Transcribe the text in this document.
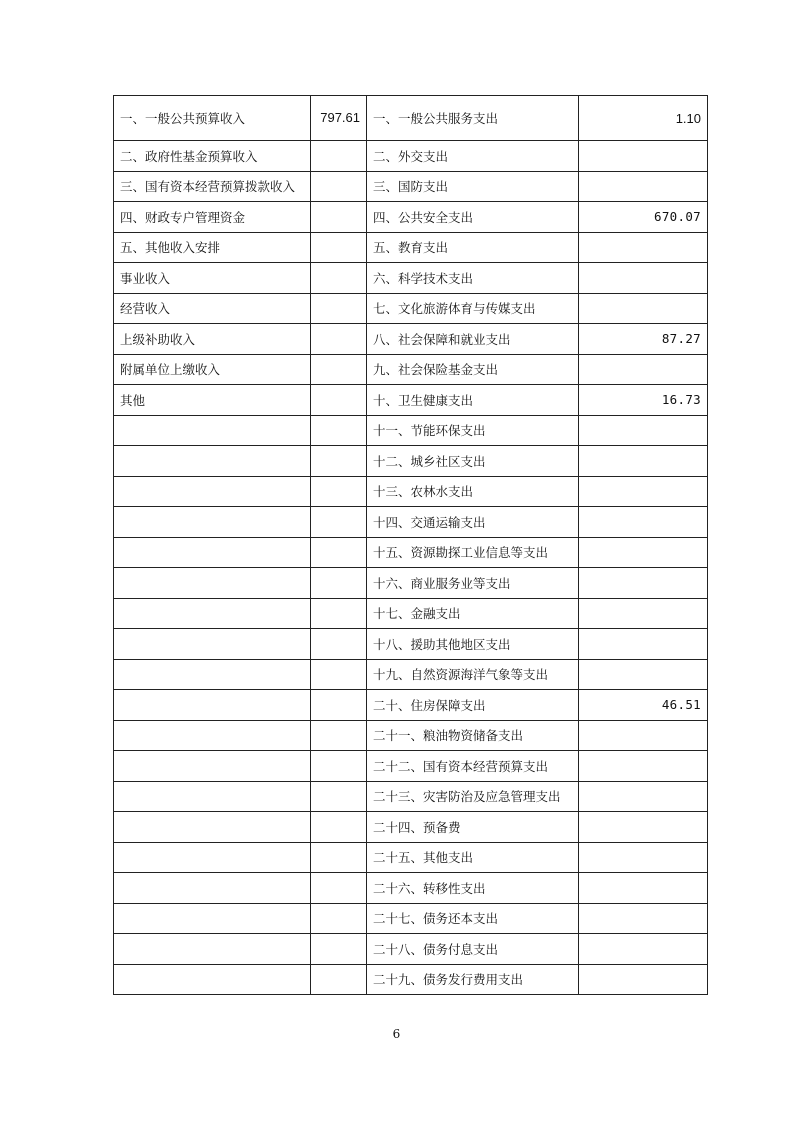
一、一般公共预算收入	797.61	一、一般公共服务支出	1.10
二、政府性基金预算收入		二、外交支出	
三、国有资本经营预算拨款收入		三、国防支出	
四、财政专户管理资金		四、公共安全支出	670.07
五、其他收入安排		五、教育支出	
事业收入		六、科学技术支出	
经营收入		七、文化旅游体育与传媒支出	
上级补助收入		八、社会保障和就业支出	87.27
附属单位上缴收入		九、社会保险基金支出	
其他		十、卫生健康支出	16.73
		十一、节能环保支出	
		十二、城乡社区支出	
		十三、农林水支出	
		十四、交通运输支出	
		十五、资源勘探工业信息等支出	
		十六、商业服务业等支出	
		十七、金融支出	
		十八、援助其他地区支出	
		十九、自然资源海洋气象等支出	
		二十、住房保障支出	46.51
		二十一、粮油物资储备支出	
		二十二、国有资本经营预算支出	
		二十三、灾害防治及应急管理支出	
		二十四、预备费	
		二十五、其他支出	
		二十六、转移性支出	
		二十七、债务还本支出	
		二十八、债务付息支出	
		二十九、债务发行费用支出	
6
